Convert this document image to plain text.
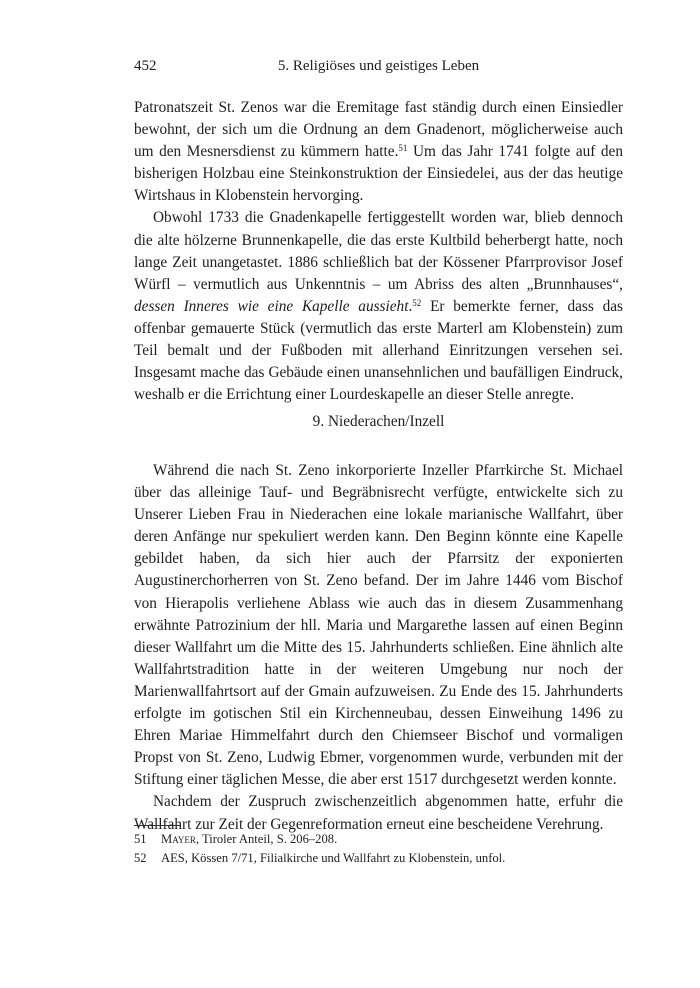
452	5. Religiöses und geistiges Leben

Patronatszeit St. Zenos war die Eremitage fast ständig durch einen Einsiedler bewohnt, der sich um die Ordnung an dem Gnadenort, möglicherweise auch um den Mesnersdienst zu kümmern hatte.$^{51}$ Um das Jahr 1741 folgte auf den bisherigen Holzbau eine Steinkonstruktion der Einsiedelei, aus der das heutige Wirtshaus in Klobenstein hervorging.

Obwohl 1733 die Gnadenkapelle fertiggestellt worden war, blieb dennoch die alte hölzerne Brunnenkapelle, die das erste Kultbild beherbergt hatte, noch lange Zeit unangetastet. 1886 schließlich bat der Kössener Pfarrprovisor Josef Würfl – vermutlich aus Unkenntnis – um Abriss des alten „Brunnhauses“, dessen Inneres wie eine Kapelle aussieht.$^{52}$ Er bemerkte ferner, dass das offenbar gemauerte Stück (vermutlich das erste Marterl am Klobenstein) zum Teil bemalt und der Fußboden mit allerhand Einritzungen versehen sei. Insgesamt mache das Gebäude einen unansehnlichen und baufälligen Eindruck, weshalb er die Errichtung einer Lourdeskapelle an dieser Stelle anregte.

9. Niederachen/Inzell

Während die nach St. Zeno inkorporierte Inzeller Pfarrkirche St. Michael über das alleinige Tauf- und Begräbnisrecht verfügte, entwickelte sich zu Unserer Lieben Frau in Niederachen eine lokale marianische Wallfahrt, über deren Anfänge nur spekuliert werden kann. Den Beginn könnte eine Kapelle gebildet haben, da sich hier auch der Pfarrsitz der exponierten Augustinerchorherren von St. Zeno befand. Der im Jahre 1446 vom Bischof von Hierapolis verliehene Ablass wie auch das in diesem Zusammenhang erwähnte Patrozinium der hll. Maria und Margarethe lassen auf einen Beginn dieser Wallfahrt um die Mitte des 15. Jahrhunderts schließen. Eine ähnlich alte Wallfahrtstradition hatte in der weiteren Umgebung nur noch der Marienwallfahrtsort auf der Gmain aufzuweisen. Zu Ende des 15. Jahrhunderts erfolgte im gotischen Stil ein Kirchenneubau, dessen Einweihung 1496 zu Ehren Mariae Himmelfahrt durch den Chiemseer Bischof und vormaligen Propst von St. Zeno, Ludwig Ebmer, vorgenommen wurde, verbunden mit der Stiftung einer täglichen Messe, die aber erst 1517 durchgesetzt werden konnte.

Nachdem der Zuspruch zwischenzeitlich abgenommen hatte, erfuhr die Wallfahrt zur Zeit der Gegenreformation erneut eine bescheidene Verehrung.

51	Mayer, Tiroler Anteil, S. 206–208.
52	AES, Kössen 7/71, Filialkirche und Wallfahrt zu Klobenstein, unfol.
